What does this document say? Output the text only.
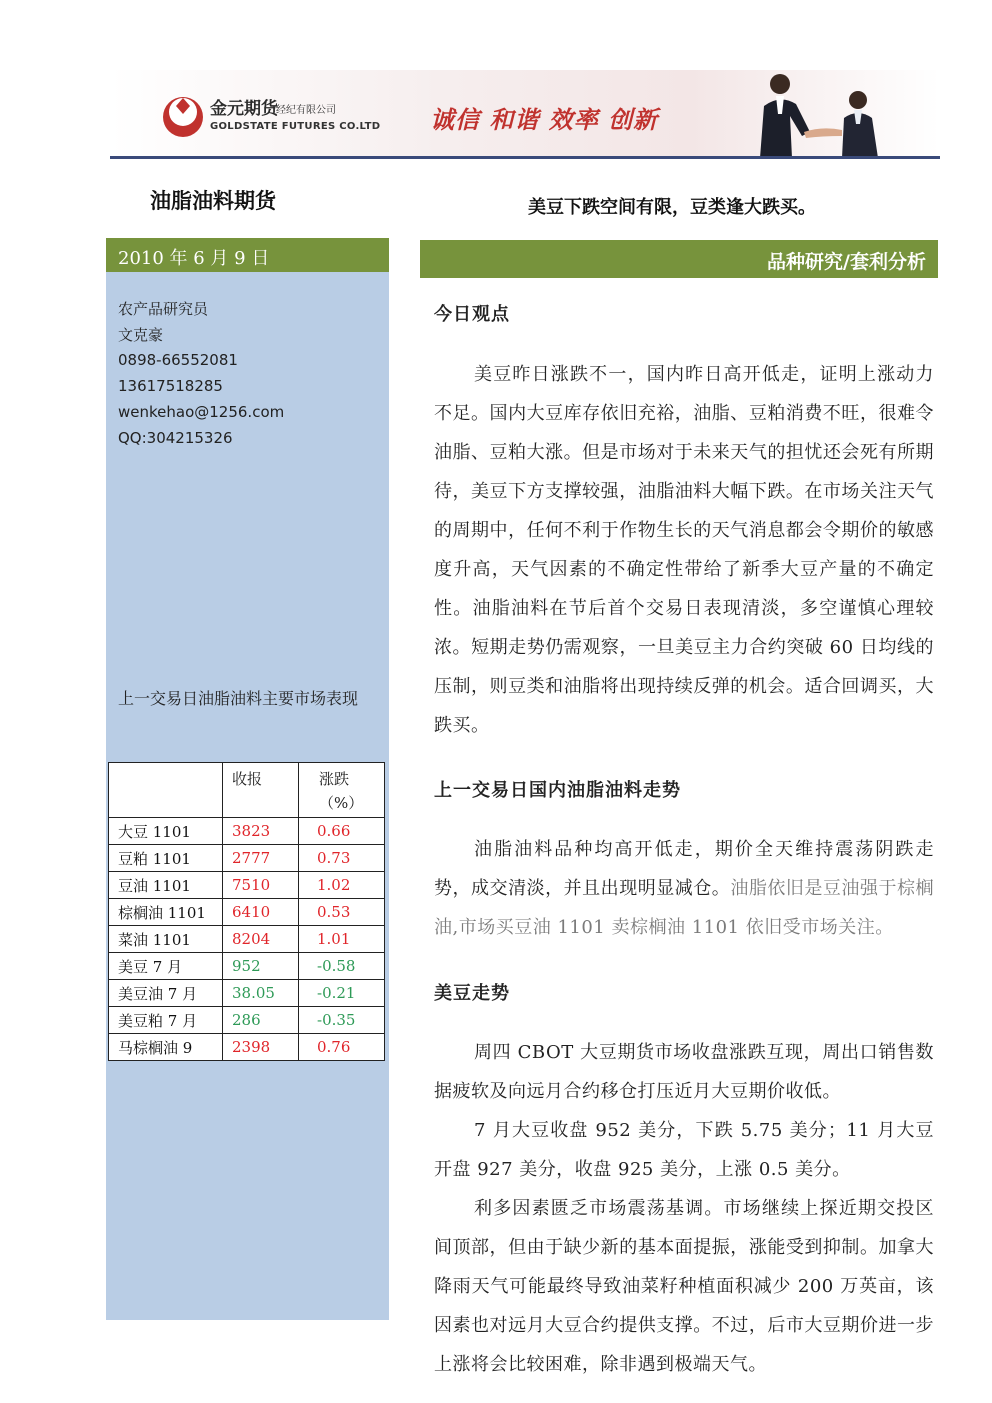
金元期货
经纪有限公司
GOLDSTATE FUTURES CO.LTD 诚信 和谐 效率 创新
油脂油料期货	美豆下跌空间有限，豆类逢大跌买。
2010 年 6 月 9 日
农产品研究员
文克豪
0898-66552081
13617518285
wenkehao@1256.com
QQ:304215326
上一交易日油脂油料主要市场表现
	收报	涨跌（%）
大豆 1101	3823	0.66
豆粕 1101	2777	0.73
豆油 1101	7510	1.02
棕榈油 1101	6410	0.53
菜油 1101	8204	1.01
美豆 7 月	952	-0.58
美豆油 7 月	38.05	-0.21
美豆粕 7 月	286	-0.35
马棕榈油 9	2398	0.76
品种研究/套利分析
今日观点
美豆昨日涨跌不一，国内昨日高开低走，证明上涨动力不足。国内大豆库存依旧充裕，油脂、豆粕消费不旺，很难令油脂、豆粕大涨。但是市场对于未来天气的担忧还会死有所期待，美豆下方支撑较强，油脂油料大幅下跌。在市场关注天气的周期中，任何不利于作物生长的天气消息都会令期价的敏感度升高，天气因素的不确定性带给了新季大豆产量的不确定性。油脂油料在节后首个交易日表现清淡，多空谨慎心理较浓。短期走势仍需观察，一旦美豆主力合约突破 60 日均线的压制，则豆类和油脂将出现持续反弹的机会。适合回调买，大跌买。
上一交易日国内油脂油料走势
油脂油料品种均高开低走，期价全天维持震荡阴跌走势，成交清淡，并且出现明显减仓。油脂依旧是豆油强于棕榈油,市场买豆油 1101 卖棕榈油 1101 依旧受市场关注。
美豆走势
周四 CBOT 大豆期货市场收盘涨跌互现，周出口销售数据疲软及向远月合约移仓打压近月大豆期价收低。
7 月大豆收盘 952 美分，下跌 5.75 美分；11 月大豆开盘 927 美分，收盘 925 美分，上涨 0.5 美分。
利多因素匮乏市场震荡基调。市场继续上探近期交投区间顶部，但由于缺少新的基本面提振，涨能受到抑制。加拿大降雨天气可能最终导致油菜籽种植面积减少 200 万英亩，该因素也对远月大豆合约提供支撑。不过，后市大豆期价进一步上涨将会比较困难，除非遇到极端天气。
